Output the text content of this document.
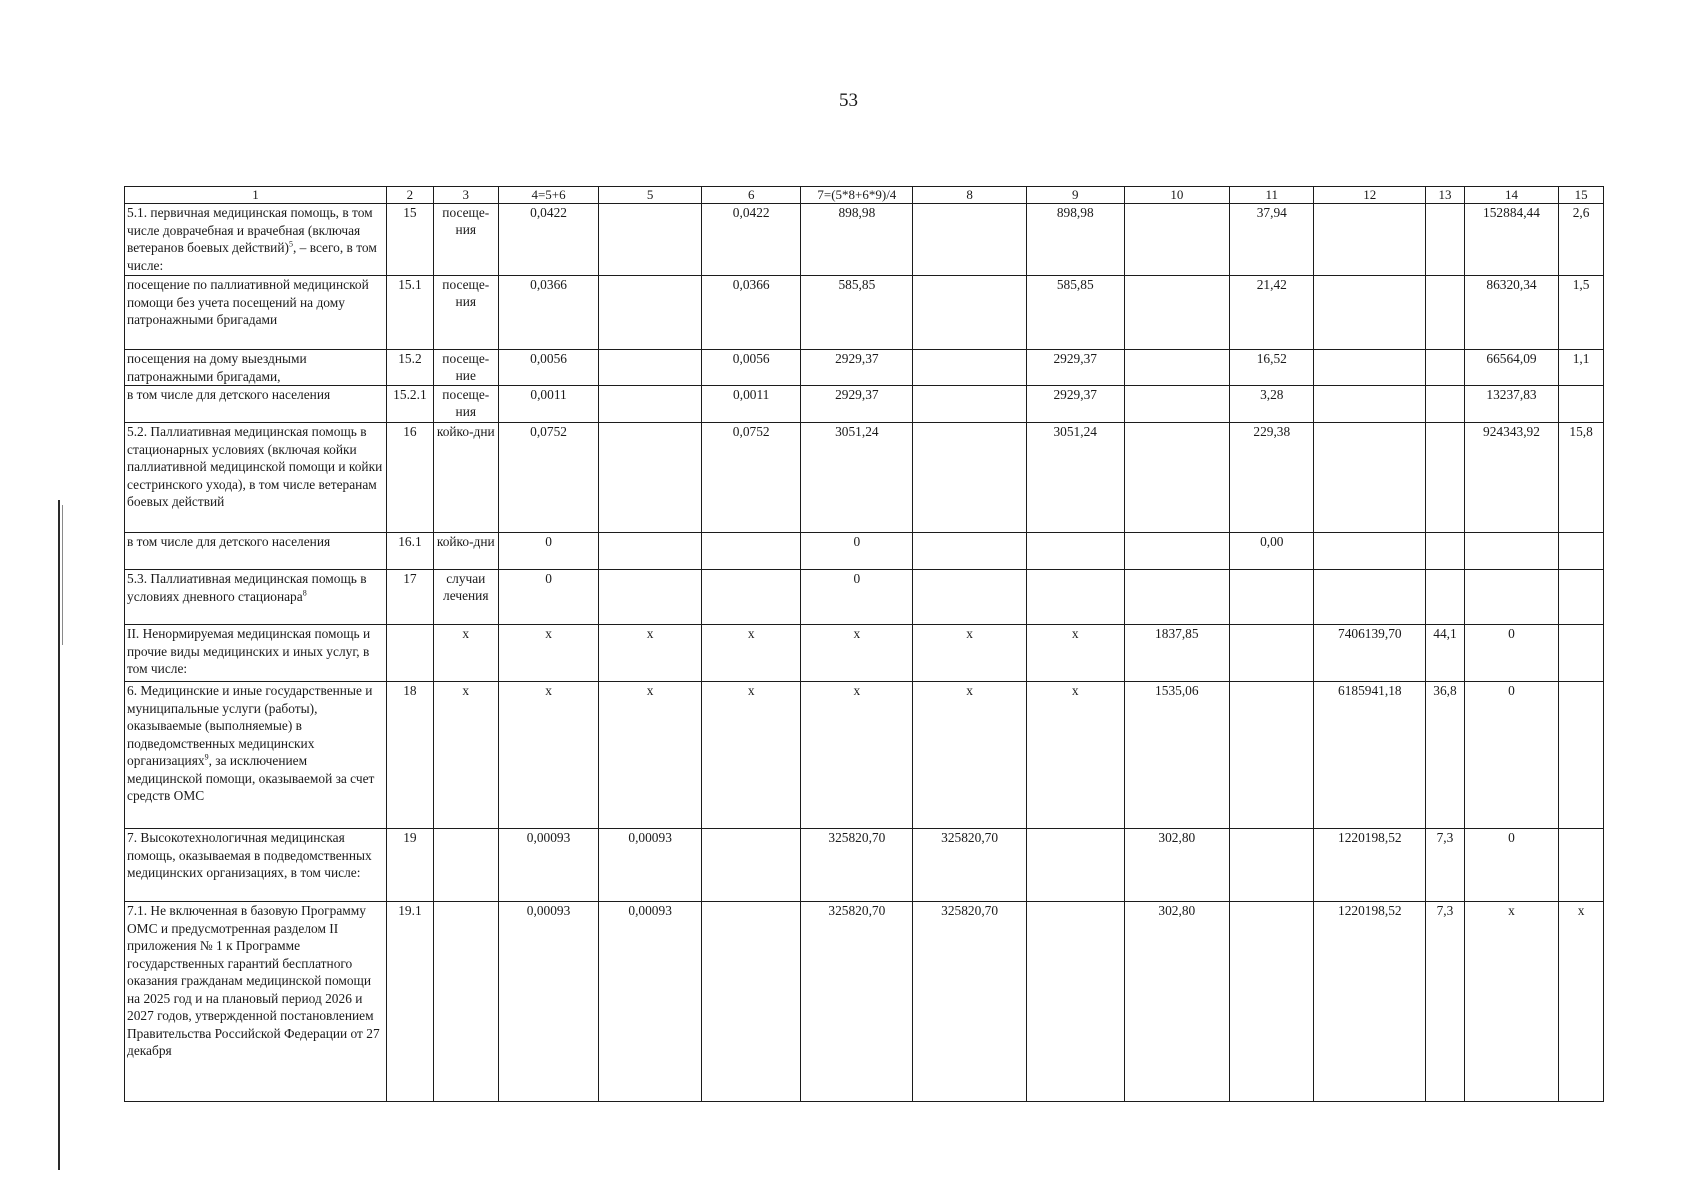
53
1	2	3	4=5+6	5	6	7=(5*8+6*9)/4	8	9	10	11	12	13	14	15
5.1. первичная медицинская помощь, в том числе доврачебная и врачебная (включая ветеранов боевых действий)$^5$, – всего, в том числе:	15	посеще-ния	0,0422		0,0422	898,98		898,98		37,94			152884,44	2,6
посещение по паллиативной медицинской помощи без учета посещений на дому патронажными бригадами	15.1	посеще-ния	0,0366		0,0366	585,85		585,85		21,42			86320,34	1,5
посещения на дому выездными патронажными бригадами,	15.2	посеще-ние	0,0056		0,0056	2929,37		2929,37		16,52			66564,09	1,1
в том числе для детского населения	15.2.1	посеще-ния	0,0011		0,0011	2929,37		2929,37		3,28			13237,83	
5.2. Паллиативная медицинская помощь в стационарных условиях (включая койки паллиативной медицинской помощи и койки сестринского ухода), в том числе ветеранам боевых действий	16	койко-дни	0,0752		0,0752	3051,24		3051,24		229,38			924343,92	15,8
в том числе для детского населения	16.1	койко-дни	0			0				0,00				
5.3. Паллиативная медицинская помощь в условиях дневного стационара$^8$	17	случаи лечения	0			0								
II. Ненормируемая медицинская помощь и прочие виды медицинских и иных услуг, в том числе:		х	х	х	х	х	х	х	1837,85		7406139,70	44,1	0	
6. Медицинские и иные государственные и муниципальные услуги (работы), оказываемые (выполняемые) в подведомственных медицинских организациях$^9$, за исключением медицинской помощи, оказываемой за счет средств ОМС	18	х	х	х	х	х	х	х	1535,06		6185941,18	36,8	0	
7. Высокотехнологичная медицинская помощь, оказываемая в подведомственных медицинских организациях, в том числе:	19		0,00093	0,00093		325820,70	325820,70		302,80		1220198,52	7,3	0	
7.1. Не включенная в базовую Программу ОМС и предусмотренная разделом II приложения № 1 к Программе государственных гарантий бесплатного оказания гражданам медицинской помощи на 2025 год и на плановый период 2026 и 2027 годов, утвержденной постановлением Правительства Российской Федерации от 27 декабря	19.1		0,00093	0,00093		325820,70	325820,70		302,80		1220198,52	7,3	х	х
